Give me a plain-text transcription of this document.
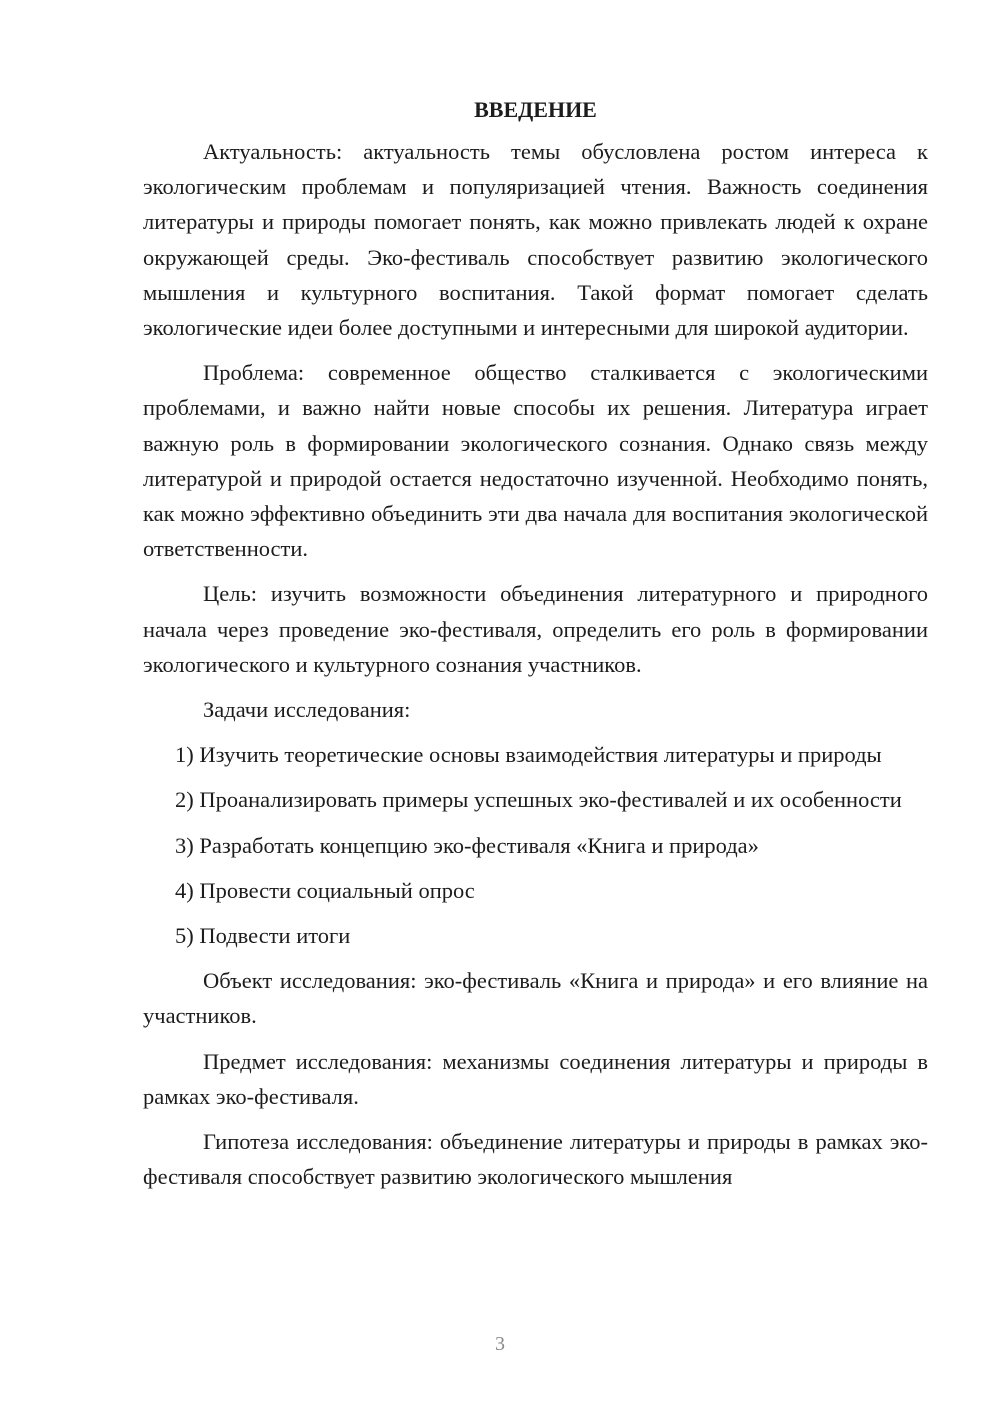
ВВЕДЕНИЕ

Актуальность: актуальность темы обусловлена ростом интереса к экологическим проблемам и популяризацией чтения. Важность соединения литературы и природы помогает понять, как можно привлекать людей к охране окружающей среды. Эко-фестиваль способствует развитию экологического мышления и культурного воспитания. Такой формат помогает сделать экологические идеи более доступными и интересными для широкой аудитории.

Проблема: современное общество сталкивается с экологическими проблемами, и важно найти новые способы их решения. Литература играет важную роль в формировании экологического сознания. Однако связь между литературой и природой остается недостаточно изученной. Необходимо понять, как можно эффективно объединить эти два начала для воспитания экологической ответственности.

Цель: изучить возможности объединения литературного и природного начала через проведение эко-фестиваля, определить его роль в формировании экологического и культурного сознания участников.

Задачи исследования:

1) Изучить теоретические основы взаимодействия литературы и природы

2) Проанализировать примеры успешных эко-фестивалей и их особенности

3) Разработать концепцию эко-фестиваля «Книга и природа»

4) Провести социальный опрос

5) Подвести итоги

Объект исследования: эко-фестиваль «Книга и природа» и его влияние на участников.

Предмет исследования: механизмы соединения литературы и природы в рамках эко-фестиваля.

Гипотеза исследования: объединение литературы и природы в рамках эко-фестиваля способствует развитию экологического мышления

3
